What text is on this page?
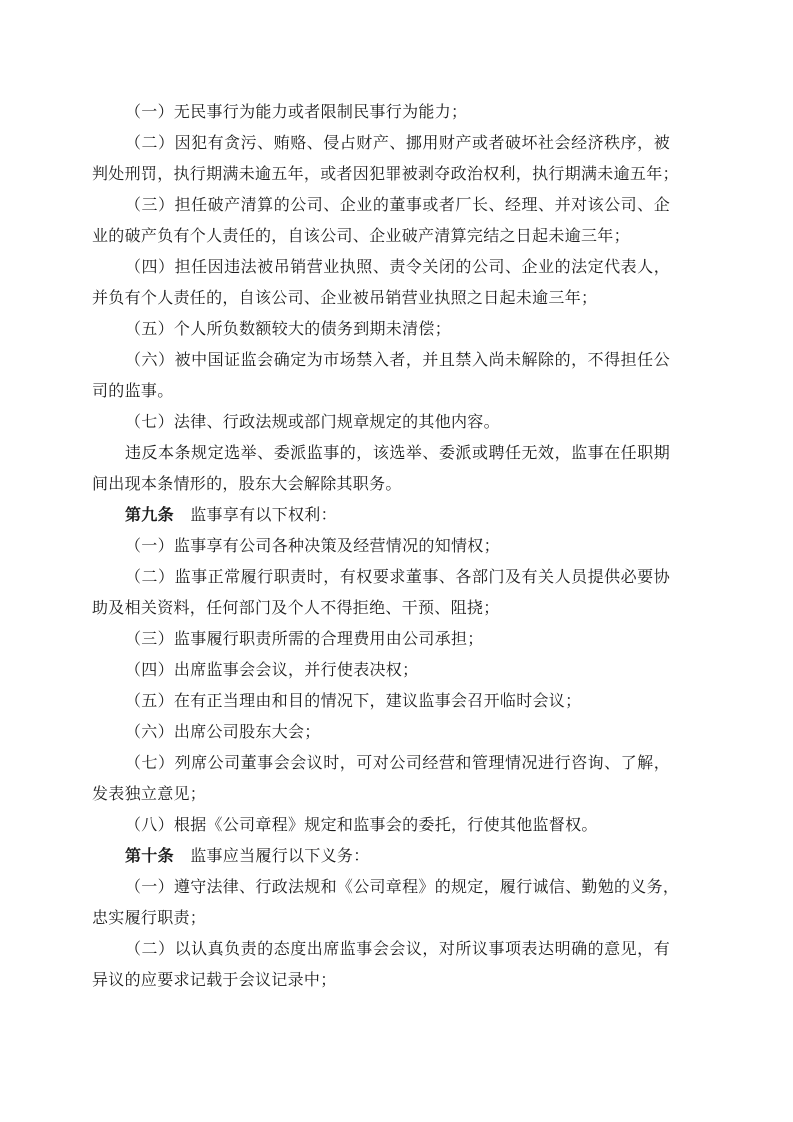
（一）无民事行为能力或者限制民事行为能力；
（二）因犯有贪污、贿赂、侵占财产、挪用财产或者破坏社会经济秩序，被
判处刑罚，执行期满未逾五年，或者因犯罪被剥夺政治权利，执行期满未逾五年；
（三）担任破产清算的公司、企业的董事或者厂长、经理、并对该公司、企
业的破产负有个人责任的，自该公司、企业破产清算完结之日起未逾三年；
（四）担任因违法被吊销营业执照、责令关闭的公司、企业的法定代表人，
并负有个人责任的，自该公司、企业被吊销营业执照之日起未逾三年；
（五）个人所负数额较大的债务到期未清偿；
（六）被中国证监会确定为市场禁入者，并且禁入尚未解除的，不得担任公
司的监事。
（七）法律、行政法规或部门规章规定的其他内容。
违反本条规定选举、委派监事的，该选举、委派或聘任无效，监事在任职期
间出现本条情形的，股东大会解除其职务。
第九条　监事享有以下权利：
（一）监事享有公司各种决策及经营情况的知情权；
（二）监事正常履行职责时，有权要求董事、各部门及有关人员提供必要协
助及相关资料，任何部门及个人不得拒绝、干预、阻挠；
（三）监事履行职责所需的合理费用由公司承担；
（四）出席监事会会议，并行使表决权；
（五）在有正当理由和目的情况下，建议监事会召开临时会议；
（六）出席公司股东大会；
（七）列席公司董事会会议时，可对公司经营和管理情况进行咨询、了解，
发表独立意见；
（八）根据《公司章程》规定和监事会的委托，行使其他监督权。
第十条　监事应当履行以下义务：
（一）遵守法律、行政法规和《公司章程》的规定，履行诚信、勤勉的义务，
忠实履行职责；
（二）以认真负责的态度出席监事会会议，对所议事项表达明确的意见，有
异议的应要求记载于会议记录中；
